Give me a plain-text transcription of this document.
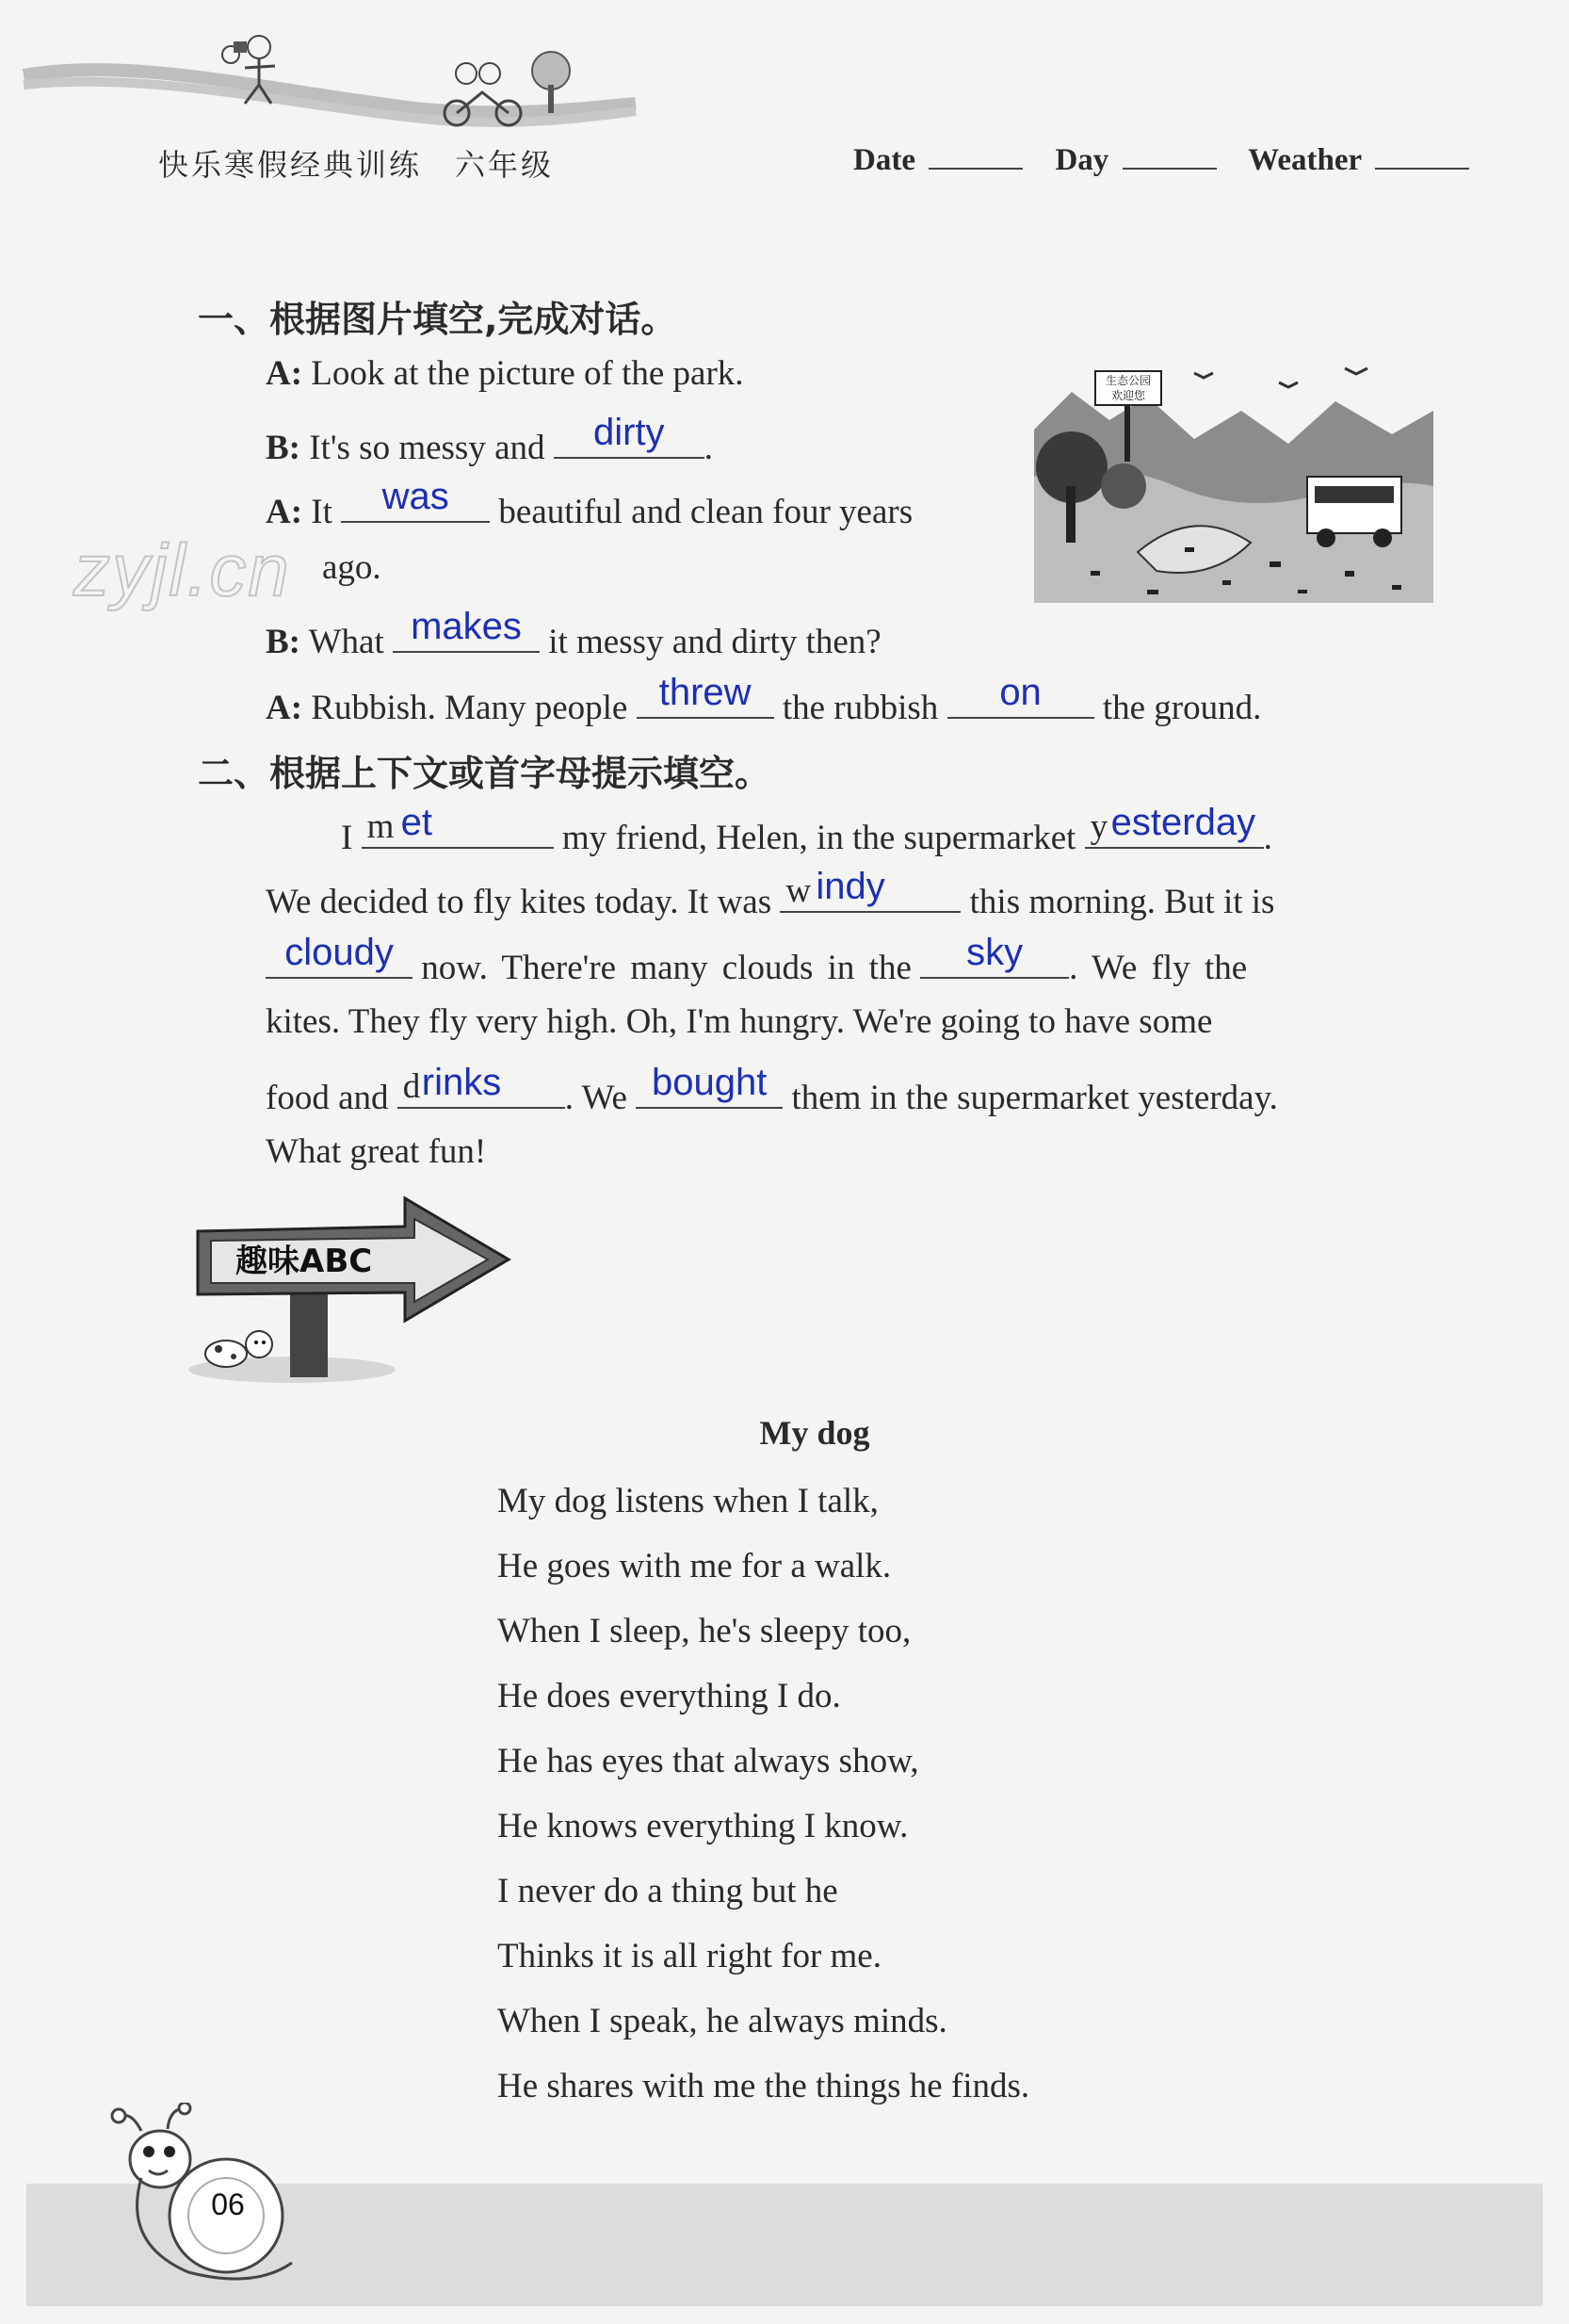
快乐寒假经典训练　六年级	Date	Day	Weather
一、根据图片填空,完成对话。
A: Look at the picture of the park.
B: It's so messy and	dirty	.
A: It	was	beautiful and clean four years
ago.
B: What makes it messy and dirty then?
A: Rubbish. Many people threw the rubbish	on	the ground.
zyjl.cn
生态公园
欢迎您
二、根据上下文或首字母提示填空。
I m et	my friend, Helen, in the supermarket y esterday .
We decided to fly kites today. It was w indy	this morning. But it is
cloudy now. There're many clouds in the	sky	. We fly the
kites. They fly very high. Oh, I'm hungry. We're going to have some
food and d rinks	. We bought them in the supermarket yesterday.
What great fun!
趣味ABC
My dog
My dog listens when I talk,
He goes with me for a walk.
When I sleep, he's sleepy too,
He does everything I do.
He has eyes that always show,
He knows everything I know.
I never do a thing but he
Thinks it is all right for me.
When I speak, he always minds.
He shares with me the things he finds.
06
